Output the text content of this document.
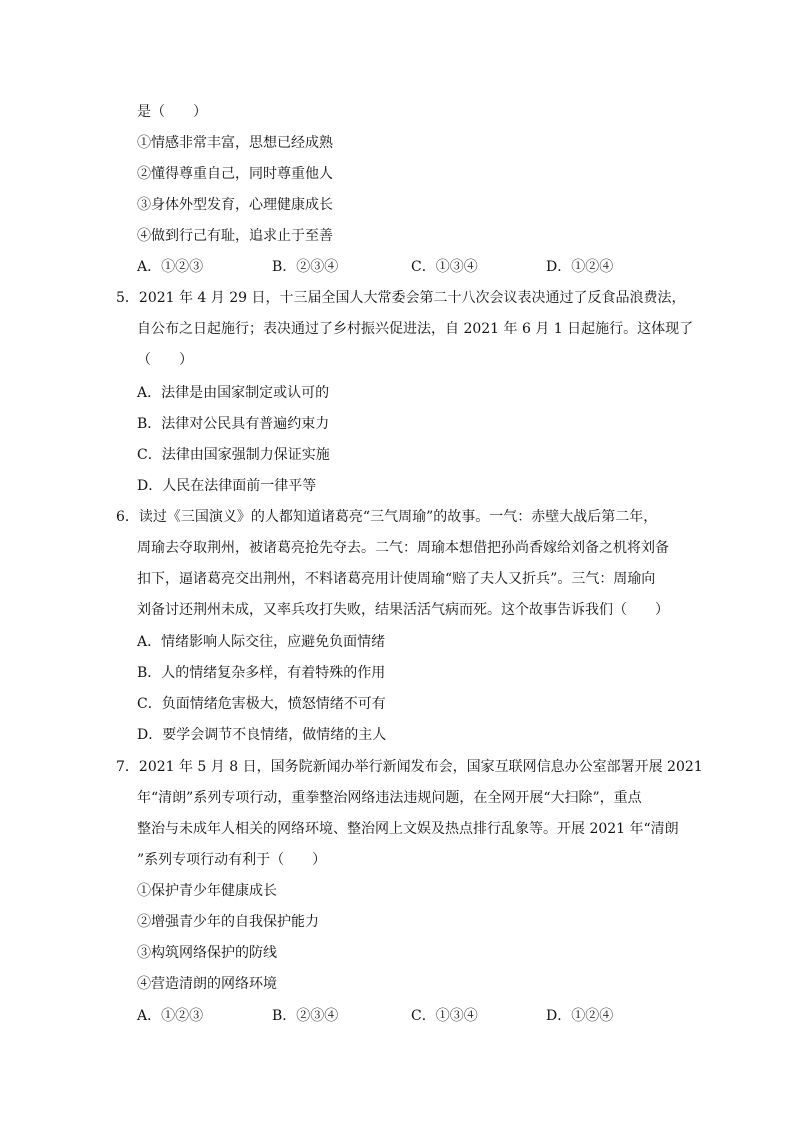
是（　　）
①情感非常丰富，思想已经成熟
②懂得尊重自己，同时尊重他人
③身体外型发育，心理健康成长
④做到行己有耻，追求止于至善
A．①②③	B．②③④	C．①③④	D．①②④
5．2021 年 4 月 29 日，十三届全国人大常委会第二十八次会议表决通过了反食品浪费法，
自公布之日起施行；表决通过了乡村振兴促进法，自 2021 年 6 月 1 日起施行。这体现了
（　　）
A．法律是由国家制定或认可的
B．法律对公民具有普遍约束力
C．法律由国家强制力保证实施
D．人民在法律面前一律平等
6．读过《三国演义》的人都知道诸葛亮“三气周瑜”的故事。一气：赤壁大战后第二年，
周瑜去夺取荆州，被诸葛亮抢先夺去。二气：周瑜本想借把孙尚香嫁给刘备之机将刘备
扣下，逼诸葛亮交出荆州，不料诸葛亮用计使周瑜“赔了夫人又折兵”。三气：周瑜向
刘备讨还荆州未成，又率兵攻打失败，结果活活气病而死。这个故事告诉我们（　　）
A．情绪影响人际交往，应避免负面情绪
B．人的情绪复杂多样，有着特殊的作用
C．负面情绪危害极大，愤怒情绪不可有
D．要学会调节不良情绪，做情绪的主人
7．2021 年 5 月 8 日，国务院新闻办举行新闻发布会，国家互联网信息办公室部署开展 2021
年“清朗”系列专项行动，重拳整治网络违法违规问题，在全网开展“大扫除”，重点
整治与未成年人相关的网络环境、整治网上文娱及热点排行乱象等。开展 2021 年“清朗
”系列专项行动有利于（　　）
①保护青少年健康成长
②增强青少年的自我保护能力
③构筑网络保护的防线
④营造清朗的网络环境
A．①②③	B．②③④	C．①③④	D．①②④
